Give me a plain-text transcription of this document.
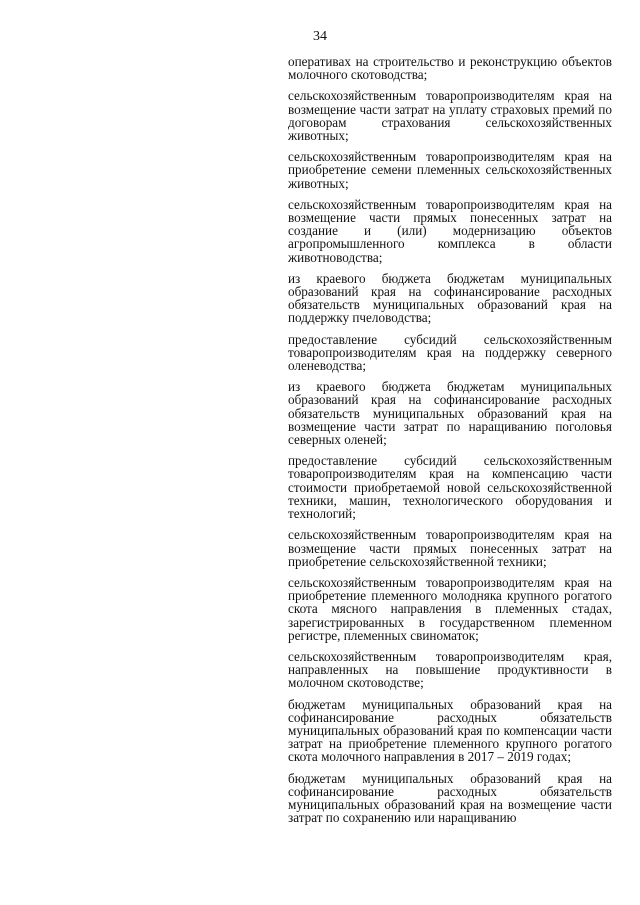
34

оперативах на строительство и реконструкцию объектов молочного скотоводства;

сельскохозяйственным товаропроизводителям края на возмещение части затрат на уплату страховых премий по договорам страхования сельскохозяйственных животных;

сельскохозяйственным товаропроизводителям края на приобретение семени племенных сельскохозяйственных животных;

сельскохозяйственным товаропроизводителям края на возмещение части прямых понесенных затрат на создание и (или) модернизацию объектов агропромышленного комплекса в области животноводства;

из краевого бюджета бюджетам муниципальных образований края на софинансирование расходных обязательств муниципальных образований края на поддержку пчеловодства;

предоставление субсидий сельскохозяйственным товаропроизводителям края на поддержку северного оленеводства;

из краевого бюджета бюджетам муниципальных образований края на софинансирование расходных обязательств муниципальных образований края на возмещение части затрат по наращиванию поголовья северных оленей;

предоставление субсидий сельскохозяйственным товаропроизводителям края на компенсацию части стоимости приобретаемой новой сельскохозяйственной техники, машин, технологического оборудования и технологий;

сельскохозяйственным товаропроизводителям края на возмещение части прямых понесенных затрат на приобретение сельскохозяйственной техники;

сельскохозяйственным товаропроизводителям края на приобретение племенного молодняка крупного рогатого скота мясного направления в племенных стадах, зарегистрированных в государственном племенном регистре, племенных свиноматок;

сельскохозяйственным товаропроизводителям края, направленных на повышение продуктивности в молочном скотоводстве;

бюджетам муниципальных образований края на софинансирование расходных обязательств муниципальных образований края по компенсации части затрат на приобретение племенного крупного рогатого скота молочного направления в 2017 – 2019 годах;

бюджетам муниципальных образований края на софинансирование расходных обязательств муниципальных образований края на возмещение части затрат по сохранению или наращиванию
